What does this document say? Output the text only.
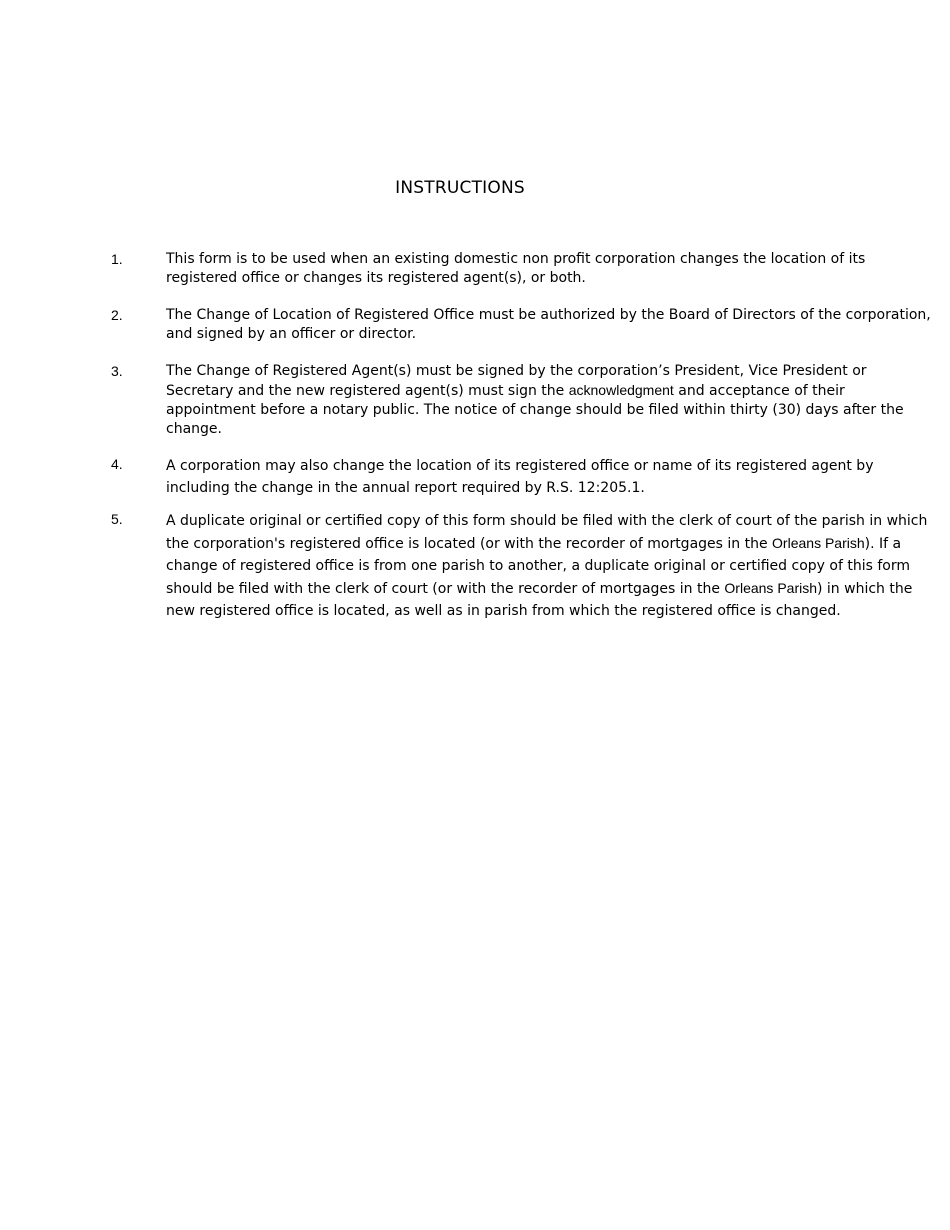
INSTRUCTIONS
1.	This form is to be used when an existing domestic non profit corporation changes the location of its registered office or changes its registered agent(s), or both.

2.	The Change of Location of Registered Office must be authorized by the Board of Directors of the corporation, and signed by an officer or director.

3.	The Change of Registered Agent(s) must be signed by the corporation’s President, Vice President or Secretary and the new registered agent(s) must sign the acknowledgment and acceptance of their appointment before a notary public. The notice of change should be filed within thirty (30) days after the change.

4.	A corporation may also change the location of its registered office or name of its registered agent by including the change in the annual report required by R.S. 12:205.1.

5.	A duplicate original or certified copy of this form should be filed with the clerk of court of the parish in which the corporation's registered office is located (or with the recorder of mortgages in the Orleans Parish). If a change of registered office is from one parish to another, a duplicate original or certified copy of this form should be filed with the clerk of court (or with the recorder of mortgages in the Orleans Parish) in which the new registered office is located, as well as in parish from which the registered office is changed.
